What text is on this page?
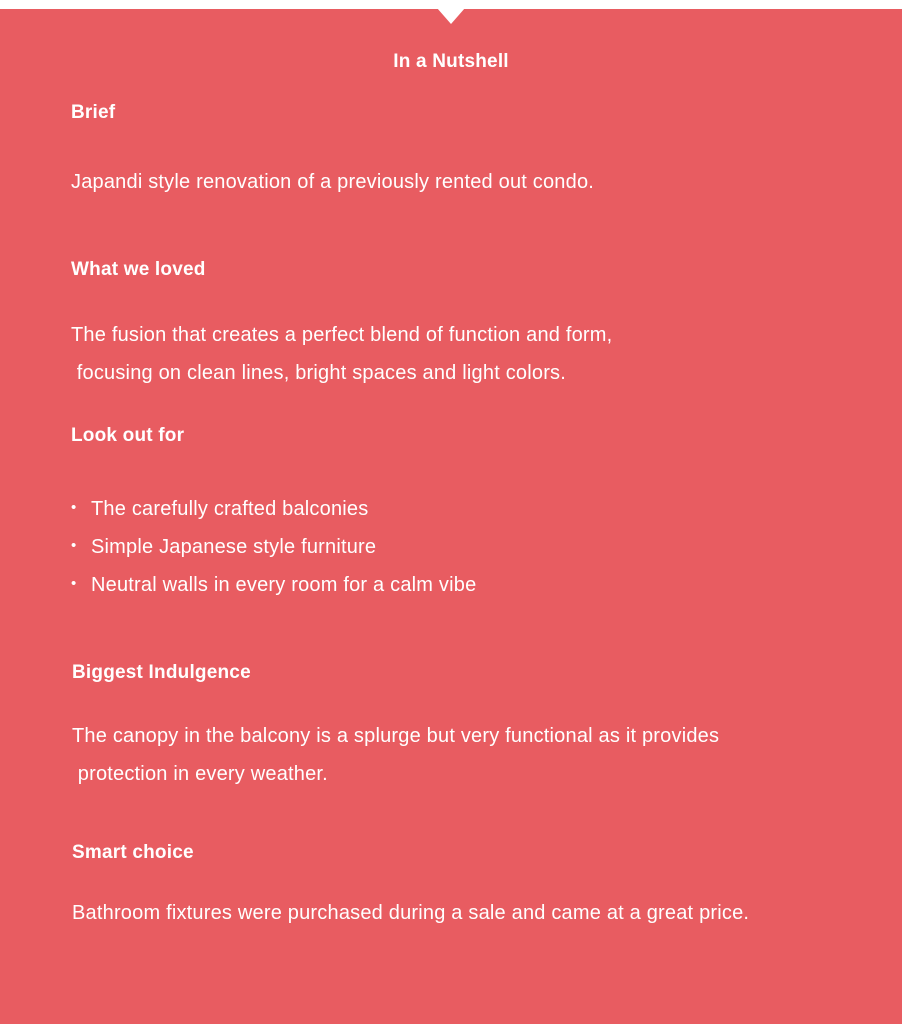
In a Nutshell
Brief
Japandi style renovation of a previously rented out condo.
What we loved
The fusion that creates a perfect blend of function and form,
focusing on clean lines, bright spaces and light colors.
Look out for
• The carefully crafted balconies
• Simple Japanese style furniture
• Neutral walls in every room for a calm vibe
Biggest Indulgence
The canopy in the balcony is a splurge but very functional as it provides
protection in every weather.
Smart choice
Bathroom fixtures were purchased during a sale and came at a great price.
